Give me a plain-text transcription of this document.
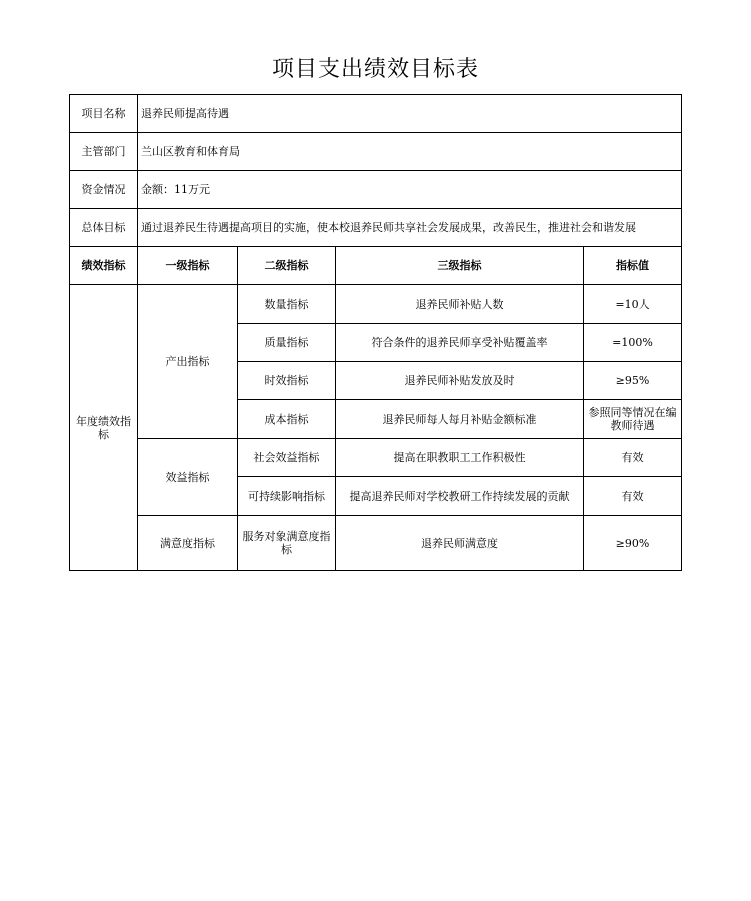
项目支出绩效目标表
项目名称	退养民师提高待遇			
主管部门	兰山区教育和体育局			
资金情况	金额：11万元			
总体目标	通过退养民生待遇提高项目的实施，使本校退养民师共享社会发展成果，改善民生，推进社会和谐发展			
绩效指标	一级指标	二级指标	三级指标	指标值
年度绩效指标	产出指标	数量指标	退养民师补贴人数	=10人
		质量指标	符合条件的退养民师享受补贴覆盖率	=100%
		时效指标	退养民师补贴发放及时	≥95%
		成本指标	退养民师每人每月补贴金额标准	参照同等情况在编教师待遇
	效益指标	社会效益指标	提高在职教职工工作积极性	有效
		可持续影响指标	提高退养民师对学校教研工作持续发展的贡献	有效
	满意度指标	服务对象满意度指标	退养民师满意度	≥90%
